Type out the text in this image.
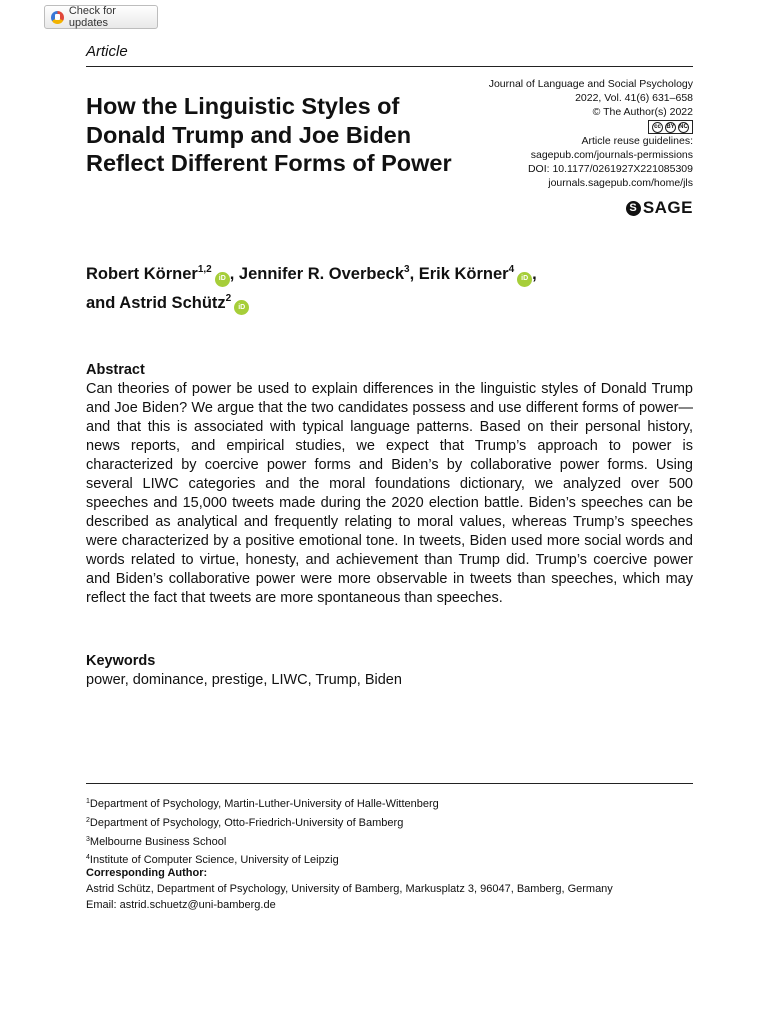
Check for updates
Article
How the Linguistic Styles of Donald Trump and Joe Biden Reflect Different Forms of Power
Journal of Language and Social Psychology
2022, Vol. 41(6) 631–658
© The Author(s) 2022
cc BY NC
Article reuse guidelines:
sagepub.com/journals-permissions
DOI: 10.1177/0261927X221085309
journals.sagepub.com/home/jls
S SAGE
Robert Körner$^{1,2}$iD , Jennifer R. Overbeck$^3$, Erik Körner$^4$iD ,
and Astrid Schütz$^2$iD
Abstract

Can theories of power be used to explain differences in the linguistic styles of Donald Trump and Joe Biden? We argue that the two candidates possess and use different forms of power—and that this is associated with typical language patterns. Based on their personal history, news reports, and empirical studies, we expect that Trump’s approach to power is characterized by coercive power forms and Biden’s by collaborative power forms. Using several LIWC categories and the moral foundations dictionary, we analyzed over 500 speeches and 15,000 tweets made during the 2020 election battle. Biden’s speeches can be described as analytical and frequently relating to moral values, whereas Trump’s speeches were characterized by a positive emotional tone. In tweets, Biden used more social words and words related to virtue, honesty, and achievement than Trump did. Trump’s coercive power and Biden’s collaborative power were more observable in tweets than speeches, which may reflect the fact that tweets are more spontaneous than speeches.

Keywords
power, dominance, prestige, LIWC, Trump, Biden
$^1$Department of Psychology, Martin-Luther-University of Halle-Wittenberg
$^2$Department of Psychology, Otto-Friedrich-University of Bamberg
$^3$Melbourne Business School
$^4$Institute of Computer Science, University of Leipzig
Corresponding Author:
Astrid Schütz, Department of Psychology, University of Bamberg, Markusplatz 3, 96047, Bamberg, Germany
Email: astrid.schuetz@uni-bamberg.de
